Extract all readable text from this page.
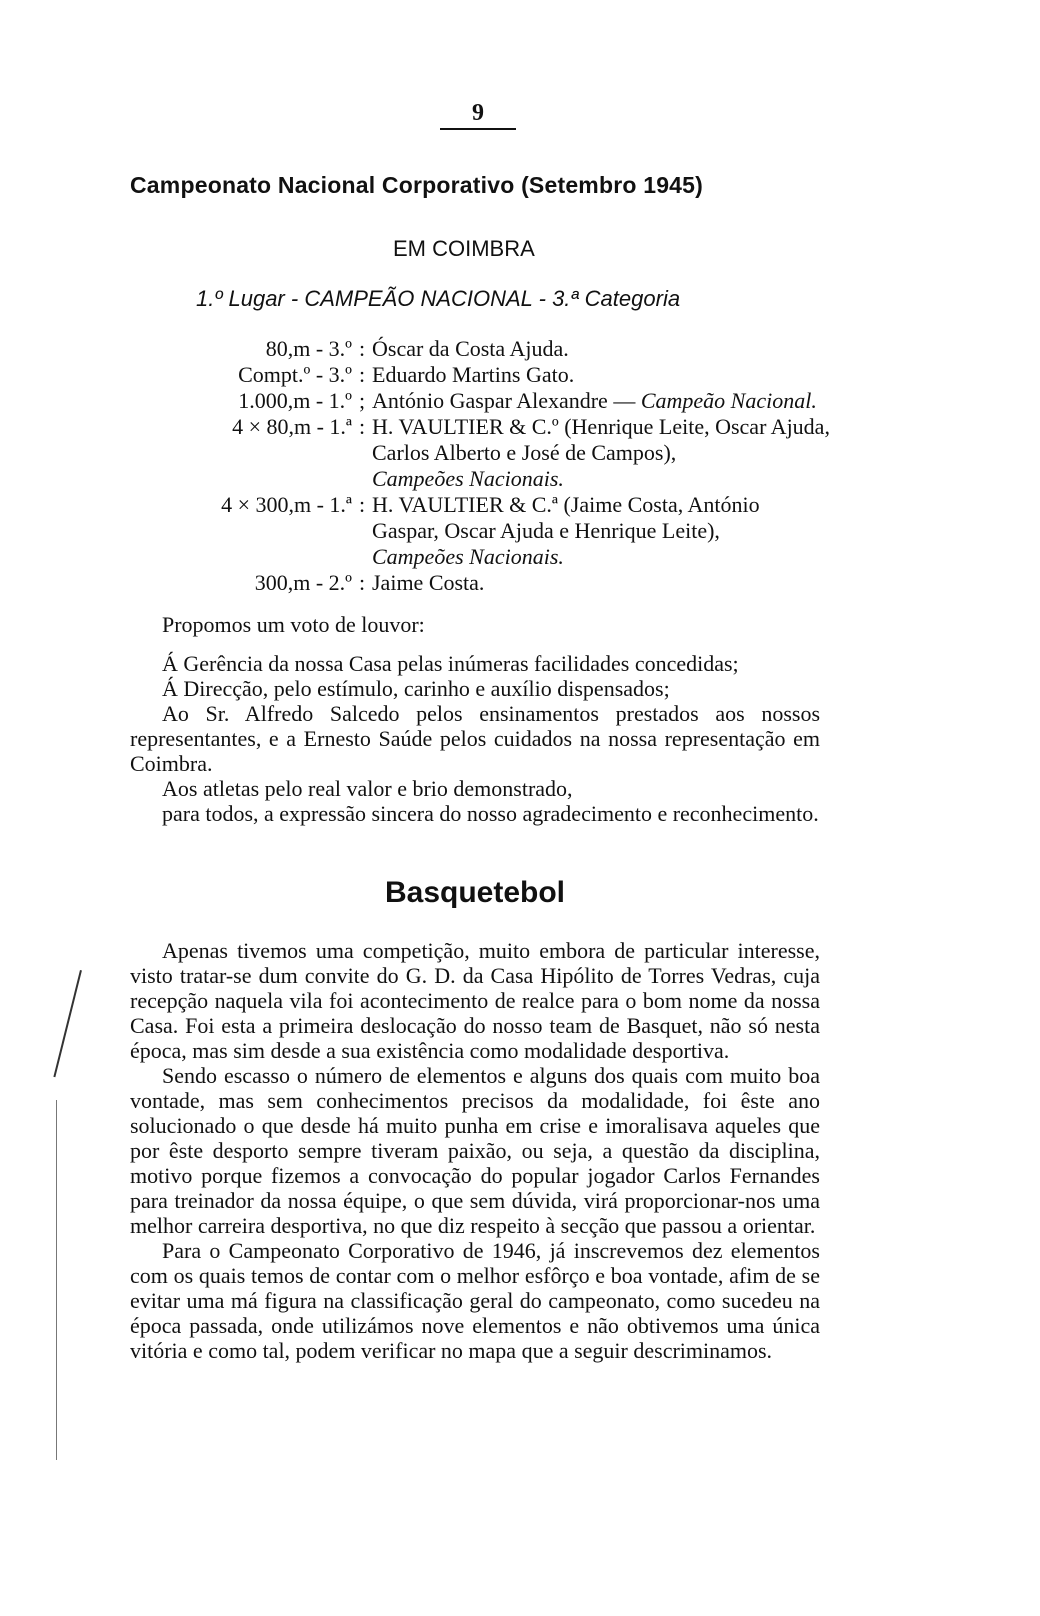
9
Campeonato Nacional Corporativo (Setembro 1945)
EM COIMBRA
1.º Lugar - CAMPEÃO NACIONAL - 3.ª Categoria
80,m - 3.º : Óscar da Costa Ajuda.
Compt.º - 3.º : Eduardo Martins Gato.
1.000,m - 1.º ; António Gaspar Alexandre — Campeão Nacional.
4 × 80,m - 1.ª : H. VAULTIER & C.º (Henrique Leite, Oscar Ajuda, Carlos Alberto e José de Campos),
Campeões Nacionais.
4 × 300,m - 1.ª : H. VAULTIER & C.ª (Jaime Costa, António Gaspar, Oscar Ajuda e Henrique Leite),
Campeões Nacionais.
300,m - 2.º : Jaime Costa.

Propomos um voto de louvor:

Á Gerência da nossa Casa pelas inúmeras facilidades concedidas;

Á Direcção, pelo estímulo, carinho e auxílio dispensados;

Ao Sr. Alfredo Salcedo pelos ensinamentos prestados aos nossos representantes, e a Ernesto Saúde pelos cuidados na nossa representação em Coimbra.

Aos atletas pelo real valor e brio demonstrado,

para todos, a expressão sincera do nosso agradecimento e reconhecimento.

Basquetebol

Apenas tivemos uma competição, muito embora de particular interesse, visto tratar-se dum convite do G. D. da Casa Hipólito de Torres Vedras, cuja recepção naquela vila foi acontecimento de realce para o bom nome da nossa Casa. Foi esta a primeira deslocação do nosso team de Basquet, não só nesta época, mas sim desde a sua existência como modalidade desportiva.

Sendo escasso o número de elementos e alguns dos quais com muito boa vontade, mas sem conhecimentos precisos da modalidade, foi êste ano solucionado o que desde há muito punha em crise e imoralisava aqueles que por êste desporto sempre tiveram paixão, ou seja, a questão da disciplina, motivo porque fizemos a convocação do popular jogador Carlos Fernandes para treinador da nossa équipe, o que sem dúvida, virá proporcionar-nos uma melhor carreira desportiva, no que diz respeito à secção que passou a orientar.

Para o Campeonato Corporativo de 1946, já inscrevemos dez elementos com os quais temos de contar com o melhor esfôrço e boa vontade, afim de se evitar uma má figura na classificação geral do campeonato, como sucedeu na época passada, onde utilizámos nove elementos e não obtivemos uma única vitória e como tal, podem verificar no mapa que a seguir descriminamos.
